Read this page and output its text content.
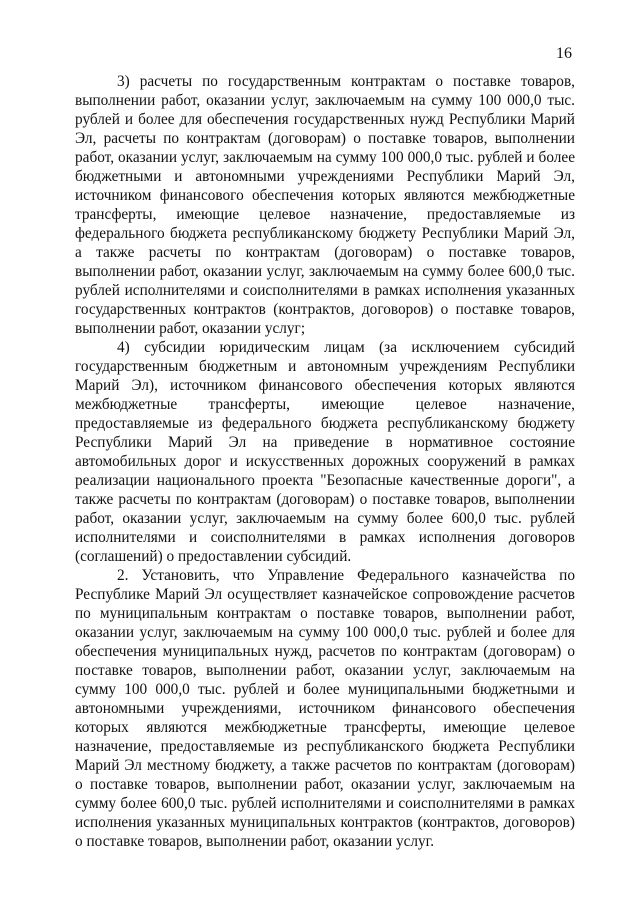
16

3) расчеты по государственным контрактам о поставке товаров, выполнении работ, оказании услуг, заключаемым на сумму 100 000,0 тыс. рублей и более для обеспечения государственных нужд Республики Марий Эл, расчеты по контрактам (договорам) о поставке товаров, выполнении работ, оказании услуг, заключаемым на сумму 100 000,0 тыс. рублей и более бюджетными и автономными учреждениями Республики Марий Эл, источником финансового обеспечения которых являются межбюджетные трансферты, имеющие целевое назначение, предоставляемые из федерального бюджета республиканскому бюджету Республики Марий Эл, а также расчеты по контрактам (договорам) о поставке товаров, выполнении работ, оказании услуг, заключаемым на сумму более 600,0 тыс. рублей исполнителями и соисполнителями в рамках исполнения указанных государственных контрактов (контрактов, договоров) о поставке товаров, выполнении работ, оказании услуг;

4) субсидии юридическим лицам (за исключением субсидий государственным бюджетным и автономным учреждениям Республики Марий Эл), источником финансового обеспечения которых являются межбюджетные трансферты, имеющие целевое назначение, предоставляемые из федерального бюджета республиканскому бюджету Республики Марий Эл на приведение в нормативное состояние автомобильных дорог и искусственных дорожных сооружений в рамках реализации национального проекта "Безопасные качественные дороги", а также расчеты по контрактам (договорам) о поставке товаров, выполнении работ, оказании услуг, заключаемым на сумму более 600,0 тыс. рублей исполнителями и соисполнителями в рамках исполнения договоров (соглашений) о предоставлении субсидий.

2. Установить, что Управление Федерального казначейства по Республике Марий Эл осуществляет казначейское сопровождение расчетов по муниципальным контрактам о поставке товаров, выполнении работ, оказании услуг, заключаемым на сумму 100 000,0 тыс. рублей и более для обеспечения муниципальных нужд, расчетов по контрактам (договорам) о поставке товаров, выполнении работ, оказании услуг, заключаемым на сумму 100 000,0 тыс. рублей и более муниципальными бюджетными и автономными учреждениями, источником финансового обеспечения которых являются межбюджетные трансферты, имеющие целевое назначение, предоставляемые из республиканского бюджета Республики Марий Эл местному бюджету, а также расчетов по контрактам (договорам) о поставке товаров, выполнении работ, оказании услуг, заключаемым на сумму более 600,0 тыс. рублей исполнителями и соисполнителями в рамках исполнения указанных муниципальных контрактов (контрактов, договоров) о поставке товаров, выполнении работ, оказании услуг.
